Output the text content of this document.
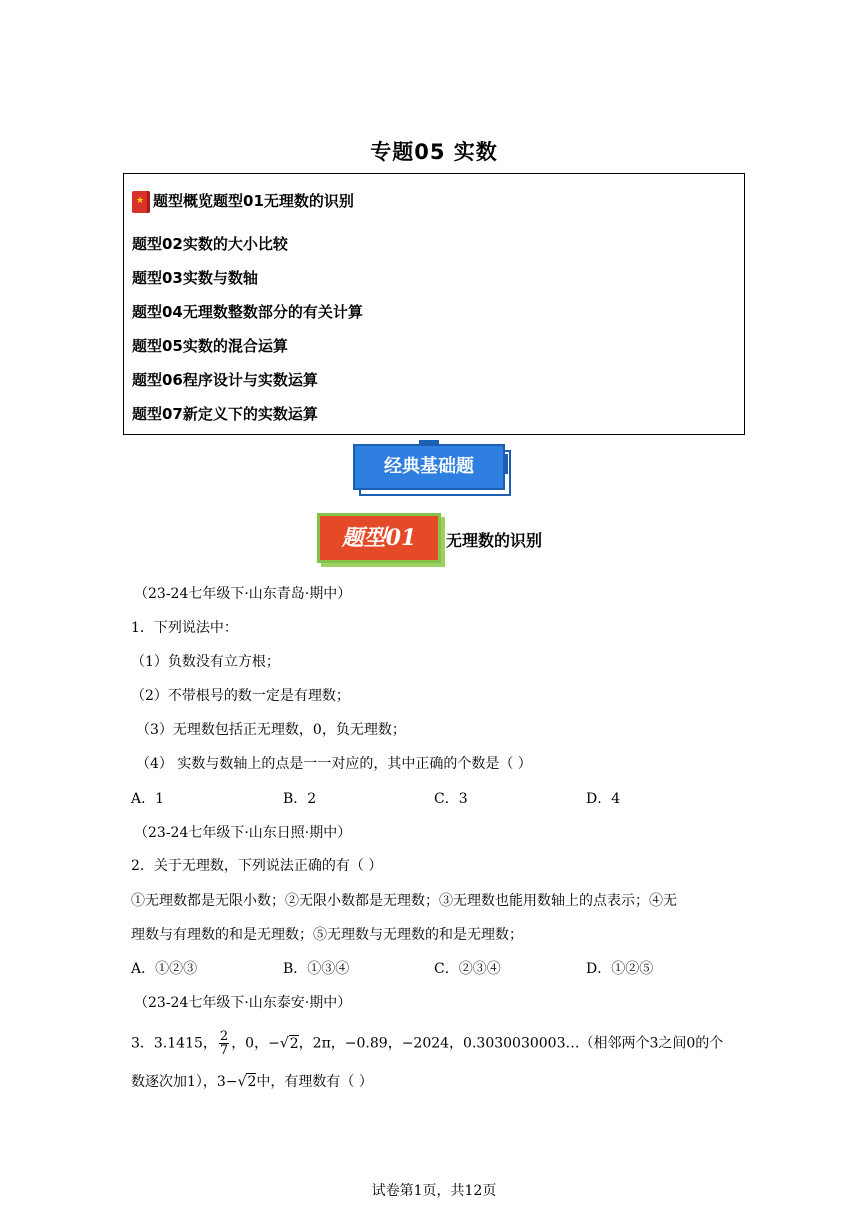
专题05 实数
★题型概览题型01无理数的识别
题型02实数的大小比较
题型03实数与数轴
题型04无理数整数部分的有关计算
题型05实数的混合运算
题型06程序设计与实数运算
题型07新定义下的实数运算
经典基础题
题型01	无理数的识别
（23-24七年级下·山东青岛·期中）
1．下列说法中：
（1）负数没有立方根；
（2）不带根号的数一定是有理数；
（3）无理数包括正无理数，0，负无理数；
（4） 实数与数轴上的点是一一对应的，其中正确的个数是（ ）
A．1	B．2	C．3	D．4
（23-24七年级下·山东日照·期中）
2．关于无理数，下列说法正确的有（ ）
①无理数都是无限小数；②无限小数都是无理数；③无理数也能用数轴上的点表示；④无
理数与有理数的和是无理数；⑤无理数与无理数的和是无理数；
A．①②③	B．①③④	C．②③④	D．①②⑤
（23-24七年级下·山东泰安·期中）
3．3.1415， $\frac{2}{7}$ ，0，−√2，2π，−0.89，−2024，0.3030030003…（相邻两个3之间0的个
数逐次加1），3−√2中，有理数有（ ）
试卷第1页，共12页
